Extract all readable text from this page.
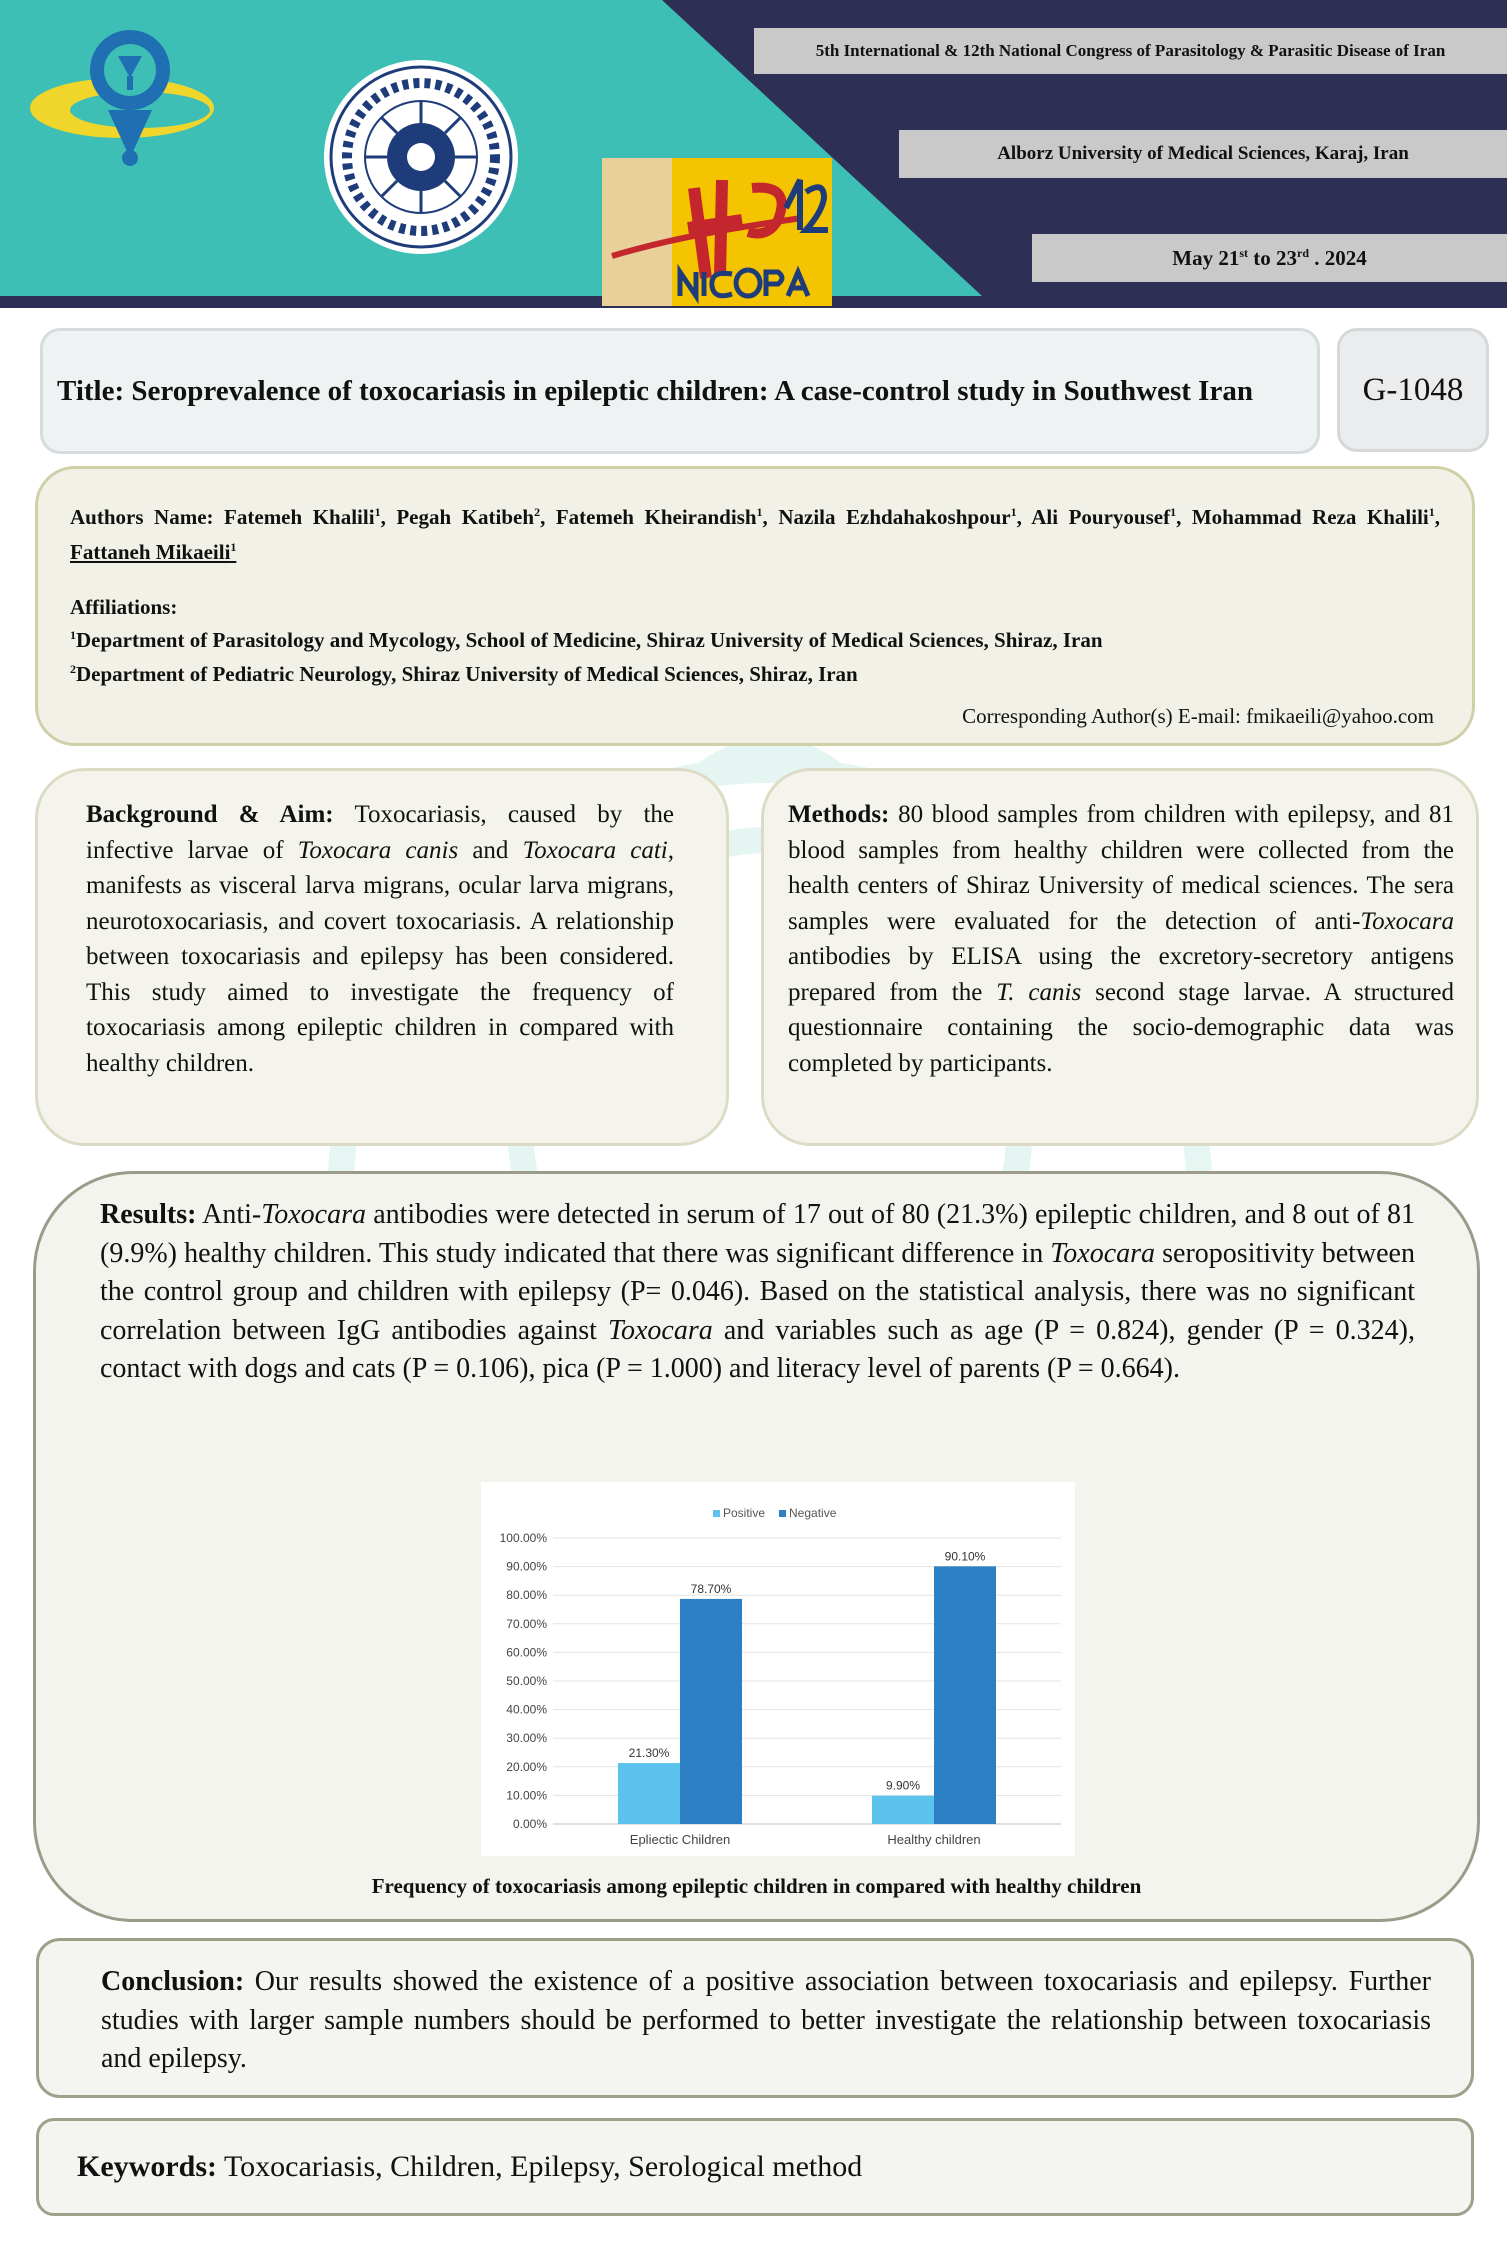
5th International & 12th National Congress of Parasitology & Parasitic Disease of Iran
Alborz University of Medical Sciences, Karaj, Iran
May 21st to 23rd . 2024
Title: Seroprevalence of toxocariasis in epileptic children: A case-control study in Southwest Iran	G-1048

Authors Name: Fatemeh Khalili$^1$, Pegah Katibeh$^2$, Fatemeh Kheirandish$^1$, Nazila Ezhdahakoshpour$^1$, Ali Pouryousef$^1$, Mohammad Reza Khalili$^1$, Fattaneh Mikaeili$^1$

Affiliations:
$^1$Department of Parasitology and Mycology, School of Medicine, Shiraz University of Medical Sciences, Shiraz, Iran
$^2$Department of Pediatric Neurology, Shiraz University of Medical Sciences, Shiraz, Iran
Corresponding Author(s) E-mail: fmikaeili@yahoo.com

Background & Aim: Toxocariasis, caused by the infective larvae of Toxocara canis and Toxocara cati, manifests as visceral larva migrans, ocular larva migrans, neurotoxocariasis, and covert toxocariasis. A relationship between toxocariasis and epilepsy has been considered. This study aimed to investigate the frequency of toxocariasis among epileptic children in compared with healthy children.

Methods: 80 blood samples from children with epilepsy, and 81 blood samples from healthy children were collected from the health centers of Shiraz University of medical sciences. The sera samples were evaluated for the detection of anti-Toxocara antibodies by ELISA using the excretory-secretory antigens prepared from the T. canis second stage larvae. A structured questionnaire containing the socio-demographic data was completed by participants.

Results: Anti-Toxocara antibodies were detected in serum of 17 out of 80 (21.3%) epileptic children, and 8 out of 81 (9.9%) healthy children. This study indicated that there was significant difference in Toxocara seropositivity between the control group and children with epilepsy (P= 0.046). Based on the statistical analysis, there was no significant correlation between IgG antibodies against Toxocara and variables such as age (P = 0.824), gender (P = 0.324), contact with dogs and cats (P = 0.106), pica (P = 1.000) and literacy level of parents (P = 0.664).

0.00%
10.00%
20.00%
30.00%
40.00%
50.00%
60.00%
70.00%
80.00%
90.00%
100.00%
Positive Negative
21.30%
78.70%
Epliectic Children
9.90%
90.10%
Healthy children
Frequency of toxocariasis among epileptic children in compared with healthy children

Conclusion: Our results showed the existence of a positive association between toxocariasis and epilepsy. Further studies with larger sample numbers should be performed to better investigate the relationship between toxocariasis and epilepsy.

Keywords: Toxocariasis, Children, Epilepsy, Serological method
